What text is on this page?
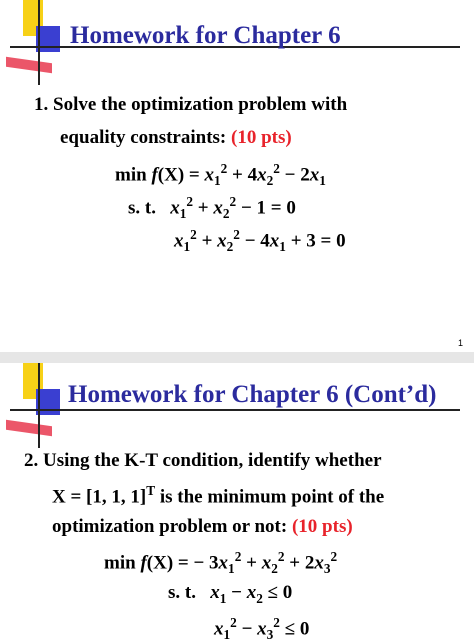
Homework for Chapter 6
1. Solve the optimization problem with
equality constraints: (10 pts)
$\min f(X) = x_1^2 + 4x_2^2 - 2x_1$
s. t. $x_1^2 + x_2^2 - 1 = 0$
$x_1^2 + x_2^2 - 4x_1 + 3 = 0$
1
Homework for Chapter 6 (Cont’d)
2. Using the K-T condition, identify whether
X = [1, 1, 1]$^T$ is the minimum point of the
optimization problem or not: (10 pts)
min f(X) = − $3x_1^2 + x_2^2 + 2x_3^2$
s. t. $x_1 - x_2 \le 0$
$x_1^2 - x_3^2 \le 0$
